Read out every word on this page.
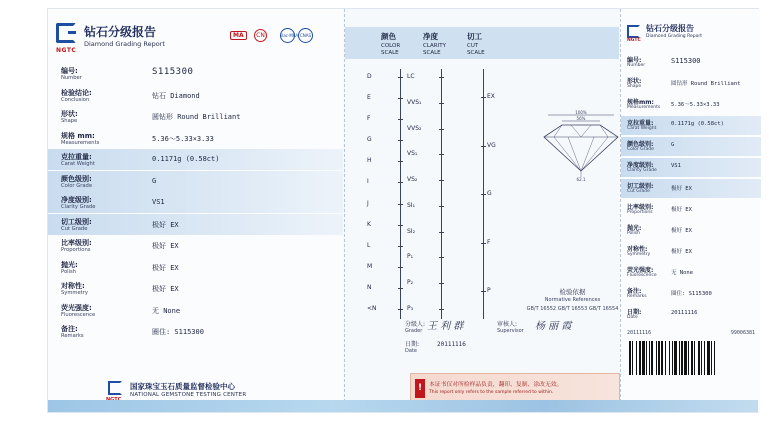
NGTC
钻石分级报告
Diamond Grading Report
MA	CN	ilac-MRA CNAS
编号:
Number
S115300
检验结论:
Conclusion	钻石 Diamond
形状:
Shape	圆钻形 Round Brilliant
规格 mm:
Measurements	5.36～5.33×3.33
克拉重量:
Carat Weight
0.1171g (0.58ct)
颜色级别:
Color Grade
G
净度级别:
Clarity Grade
VS1
切工级别:
Cut Grade	极好 EX
比率级别:
Proportions	极好 EX
抛光:
Polish	极好 EX
对称性:
Symmetry	极好 EX
荧光强度:
Fluorescence	无 None
备注:
Remarks	圈住: S115300
国家珠宝玉石质量监督检验中心
NATIONAL GEMSTONE TESTING CENTER
颜色
COLOR
SCALE
净度
CLARITY
SCALE
切工
CUT
SCALE
D
E
F
G
H
I
J
K
L
M
N
<N
LC
VVS₁
VVS₂
VS₁
VS₂
SI₁
SI₂
P₁
P₂
P₃
EX
VG
G
F
P
100%
56%
62.1
检验依据
Normative References
GB/T 16552 GB/T 16553 GB/T 16554
分级人:
Grader 王 利 群	审核人:
Supervisor 杨 丽 霞
日期:
Date
20111116
!	本证书仅对所检样品负责，翻印、复制、涂改无效。
This report only refers to the sample referred to within.
NGTC
钻石分级报告
Diamond Grading Report
编号:
Number
S115300
形状:
Shape	圆钻形 Round Brilliant
规格mm:
Measurements 5.36～5.33×3.33
克拉重量:
Carat Weight
0.1171g (0.58ct)
颜色级别:
Color Grade
G
净度级别:
Clarity Grade
VS1
切工级别:
Cut Grade	极好 EX
比率级别:
Proportions	极好 EX
抛光:
Polish	极好 EX
对称性:
Symmetry	极好 EX
荧光强度:
Fluorescence	无 None
备注:
Remarks	圈住: S115300
日期:
Date
20111116
20111116	99006381
